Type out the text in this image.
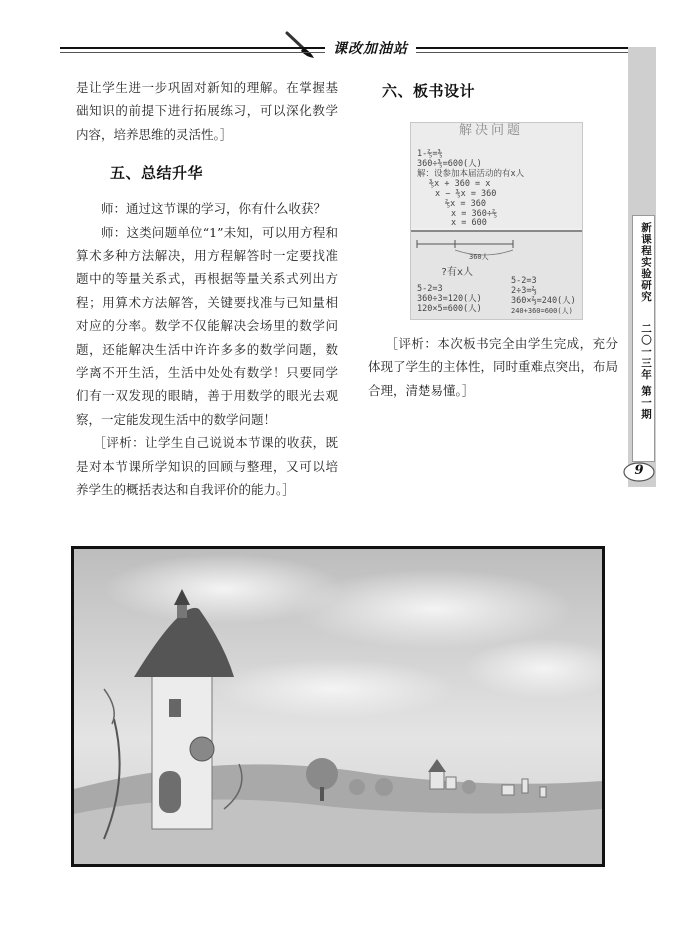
课改加油站
新课程实验研究
二〇一三年 第一期
9

是让学生进一步巩固对新知的理解。在掌握基础知识的前提下进行拓展练习，可以深化教学内容，培养思维的灵活性。］

五、总结升华

师：通过这节课的学习，你有什么收获？

师：这类问题单位“1”未知，可以用方程和算术多种方法解决，用方程解答时一定要找准题中的等量关系式，再根据等量关系式列出方程；用算术方法解答，关键要找准与已知量相对应的分率。数学不仅能解决会场里的数学问题，还能解决生活中许许多多的数学问题，数学离不开生活，生活中处处有数学！只要同学们有一双发现的眼睛，善于用数学的眼光去观察，一定能发现生活中的数学问题！

［评析：让学生自己说说本节课的收获，既是对本节课所学知识的回顾与整理，又可以培养学生的概括表达和自我评价的能力。］

六、板书设计
解决问题
1-⅖=⅗
360÷⅗=600(人)
解：设参加本届活动的有x人
⅗x + 360 = x
x − ⅗x = 360
⅖x = 360
x = 360÷⅖
x = 600
360人
?有x人
5-2=3
360÷3=120(人)
120×5=600(人)
5-2=3
2÷3=⅔
360×⅔=240(人)
240+360=600(人)

［评析：本次板书完全由学生完成，充分体现了学生的主体性，同时重难点突出，布局合理，清楚易懂。］
